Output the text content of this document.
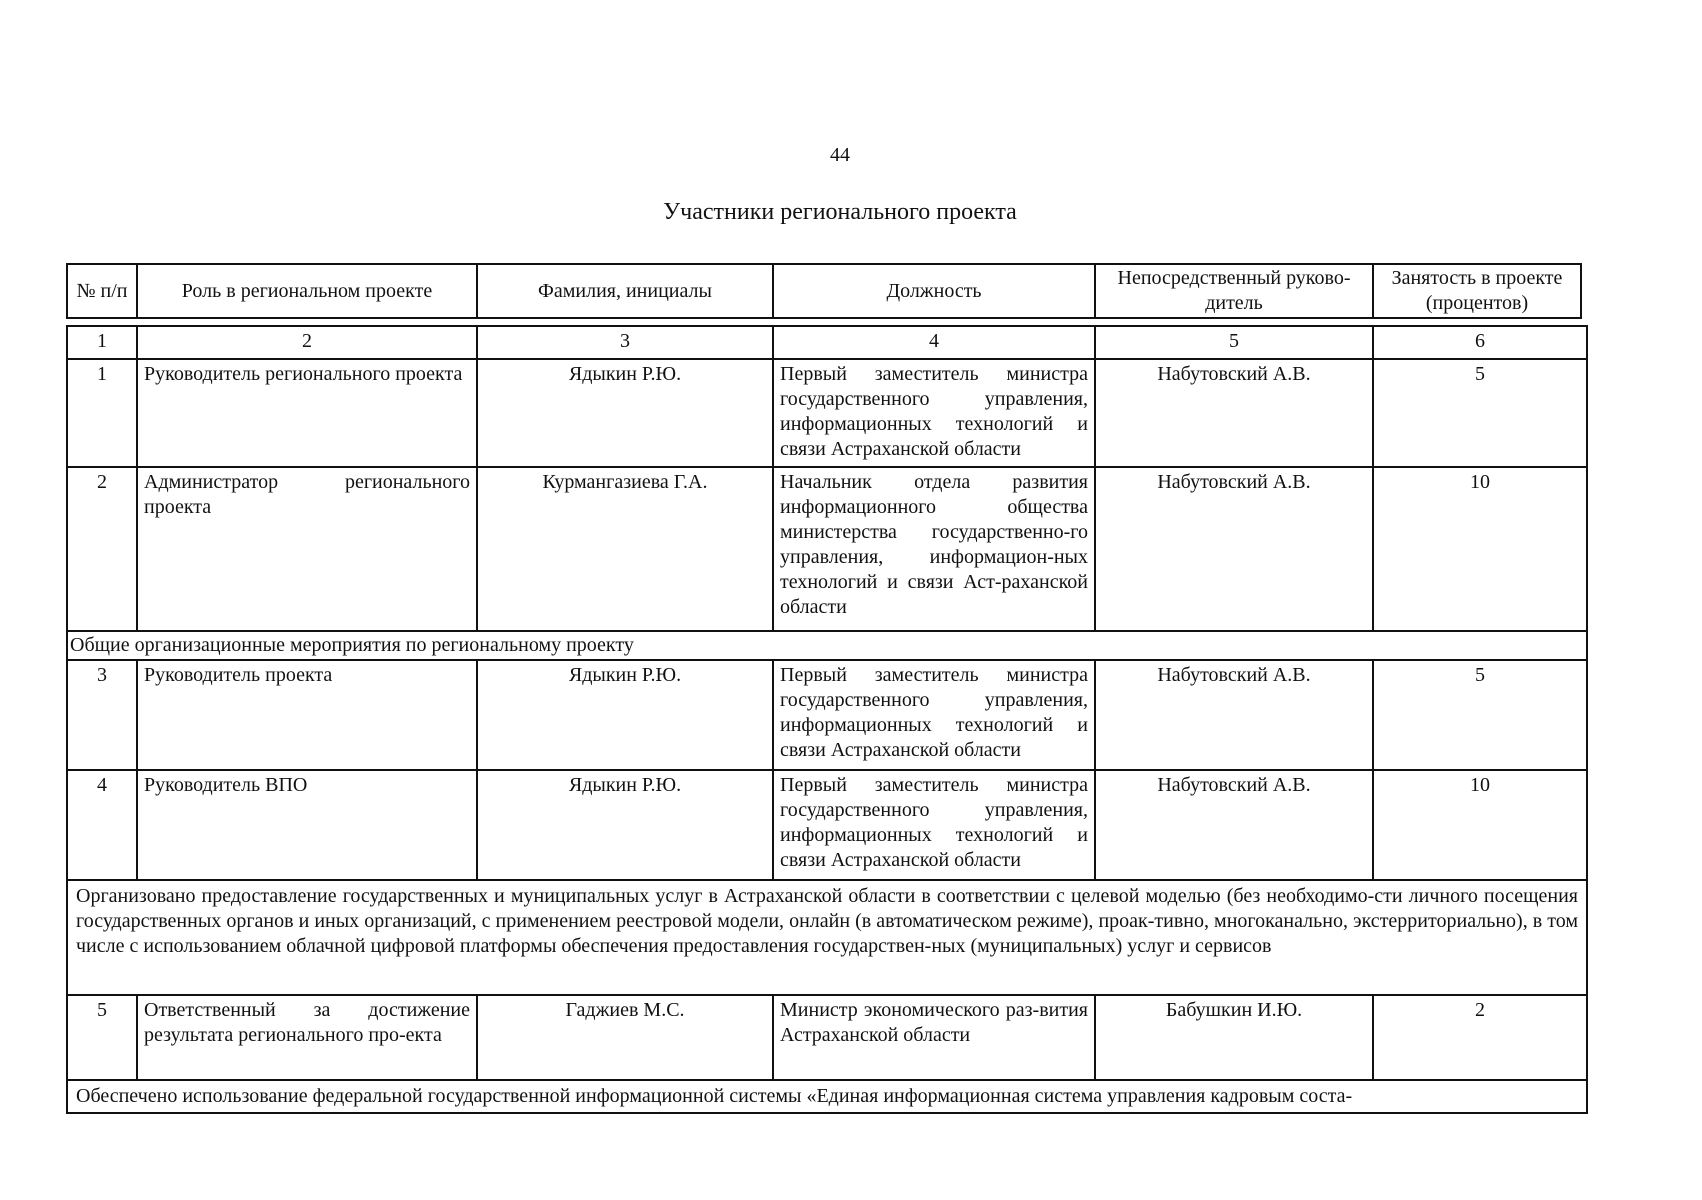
44
Участники регионального проекта
№ п/п	Роль в региональном проекте	Фамилия, инициалы	Должность	Непосредственный руково-дитель	Занятость в проекте (процентов)
1	2	3	4	5	6
1	Руководитель регионального проекта	Ядыкин Р.Ю.	Первый заместитель министра государственного управления, информационных технологий и связи Астраханской области	Набутовский А.В.	5
2	Администратор регионального проекта	Курмангазиева Г.А.	Начальник отдела развития информационного общества министерства государственно-го управления, информацион-ных технологий и связи Аст-раханской области	Набутовский А.В.	10
Общие организационные мероприятия по региональному проекту					
3	Руководитель проекта	Ядыкин Р.Ю.	Первый заместитель министра государственного управления, информационных технологий и связи Астраханской области	Набутовский А.В.	5
4	Руководитель ВПО	Ядыкин Р.Ю.	Первый заместитель министра государственного управления, информационных технологий и связи Астраханской области	Набутовский А.В.	10
Организовано предоставление государственных и муниципальных услуг в Астраханской области в соответствии с целевой моделью (без необходимо-сти личного посещения государственных органов и иных организаций, с применением реестровой модели, онлайн (в автоматическом режиме), проак-тивно, многоканально, экстерриториально), в том числе с использованием облачной цифровой платформы обеспечения предоставления государствен-ных (муниципальных) услуг и сервисов					
5	Ответственный за достижение результата регионального про-екта	Гаджиев М.С.	Министр экономического раз-вития Астраханской области	Бабушкин И.Ю.	2
Обеспечено использование федеральной государственной информационной системы «Единая информационная система управления кадровым соста-					
